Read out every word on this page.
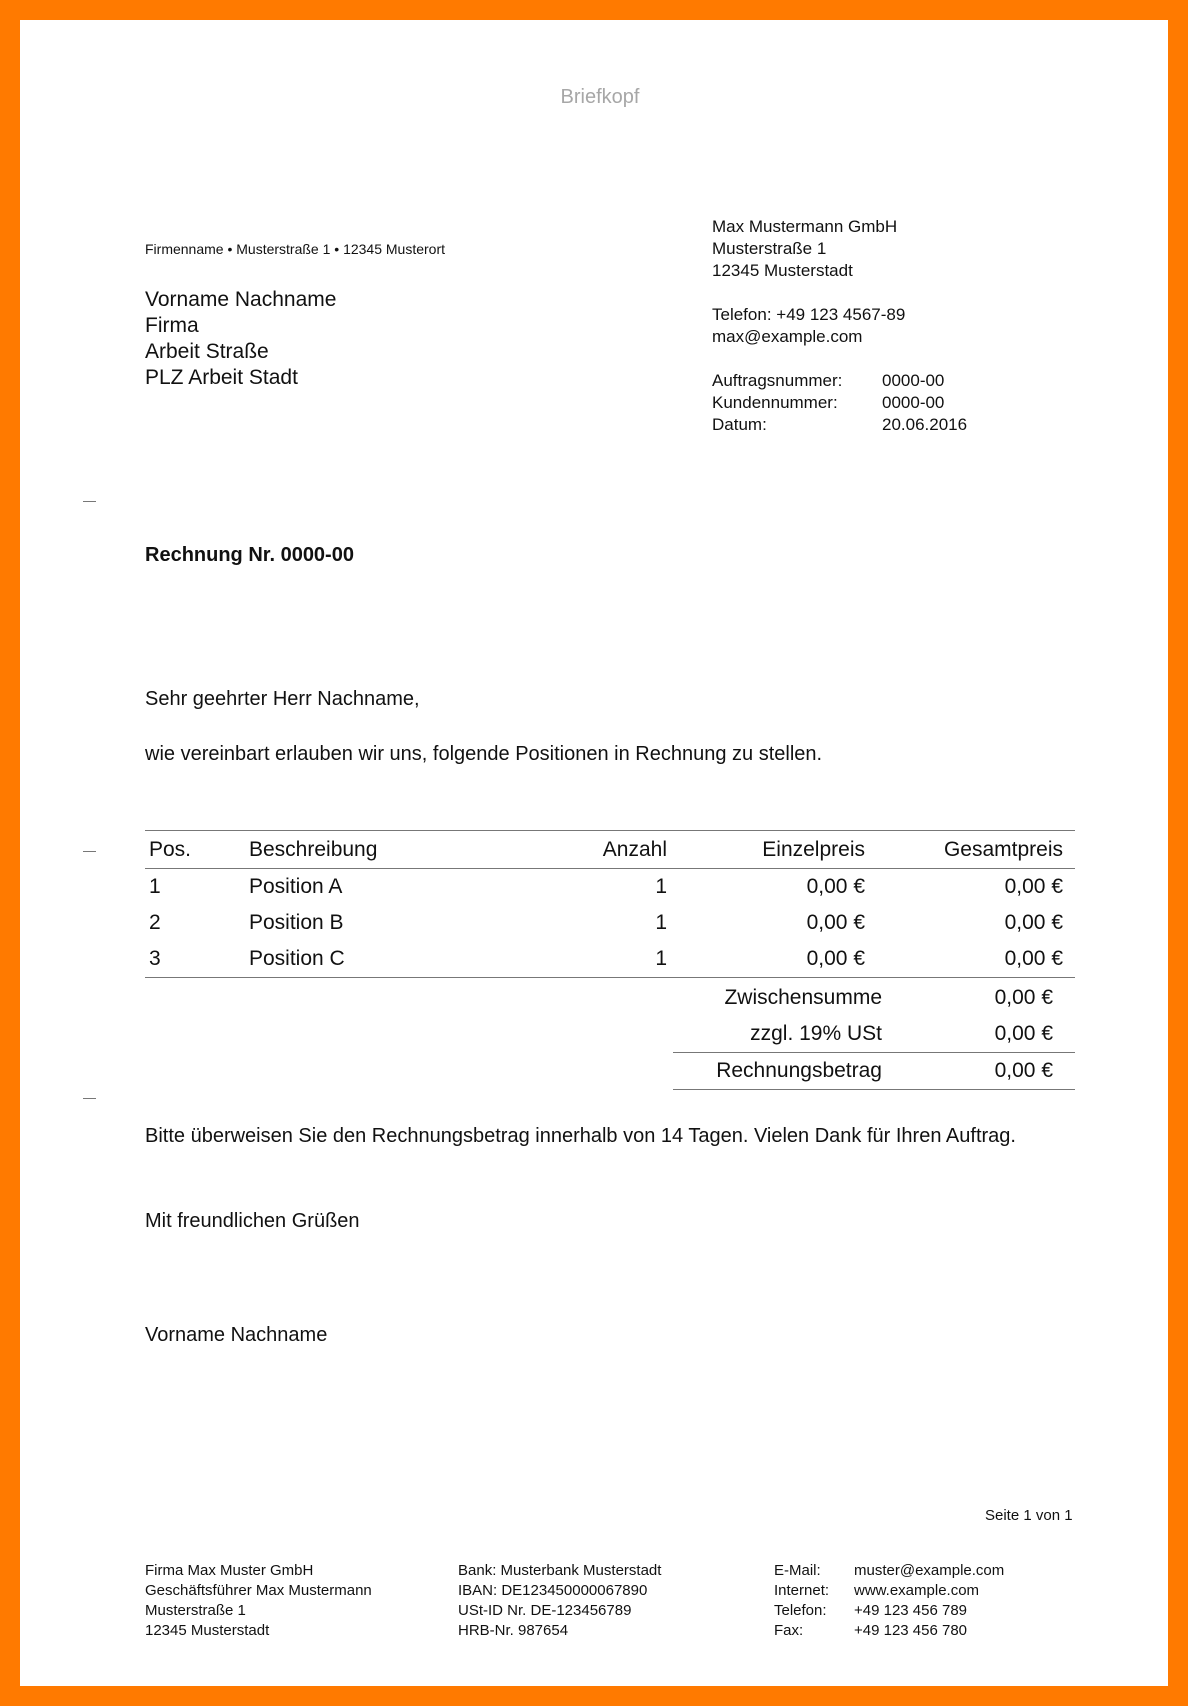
Briefkopf
Firmenname • Musterstraße 1 • 12345 Musterort
Vorname Nachname
Firma
Arbeit Straße
PLZ Arbeit Stadt
Max Mustermann GmbH
Musterstraße 1
12345 Musterstadt
Telefon: +49 123 4567-89
max@example.com
Auftragsnummer:	0000-00
Kundennummer:	0000-00
Datum:	20.06.2016
Rechnung Nr. 0000-00
Sehr geehrter Herr Nachname,
wie vereinbart erlauben wir uns, folgende Positionen in Rechnung zu stellen.
Pos.	Beschreibung	Anzahl	Einzelpreis	Gesamtpreis
1	Position A	1	0,00 €	0,00 €
2	Position B	1	0,00 €	0,00 €
3	Position C	1	0,00 €	0,00 €
Zwischensumme	0,00 €
zzgl. 19% USt	0,00 €
Rechnungsbetrag	0,00 €
Bitte überweisen Sie den Rechnungsbetrag innerhalb von 14 Tagen. Vielen Dank für Ihren Auftrag.
Mit freundlichen Grüßen
Vorname Nachname
Seite 1 von 1
Firma Max Muster GmbH
Geschäftsführer Max Mustermann
Musterstraße 1
12345 Musterstadt
Bank: Musterbank Musterstadt
IBAN: DE123450000067890
USt-ID Nr. DE-123456789
HRB-Nr. 987654
E-Mail:	muster@example.com
Internet:	www.example.com
Telefon:	+49 123 456 789
Fax:	+49 123 456 780
